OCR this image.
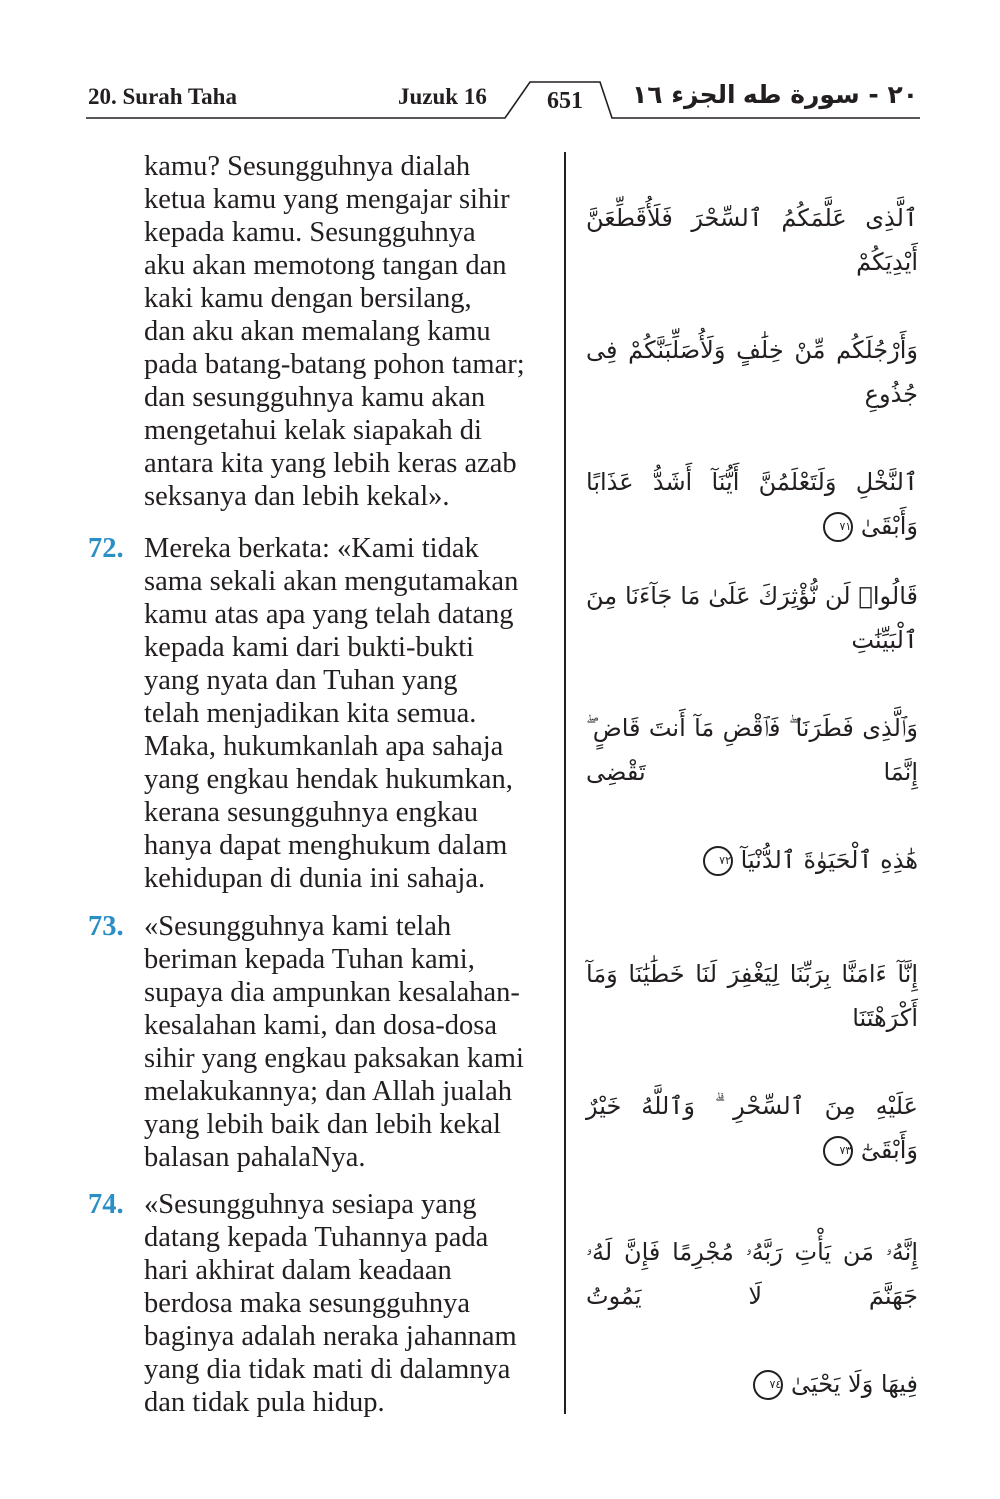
20. Surah Taha	Juzuk 16	651	الجزء ١٦ ٢٠ - سورة طه
kamu? Sesungguhnya dialah
ketua kamu yang mengajar sihir
kepada kamu. Sesungguhnya
aku akan memotong tangan dan
kaki kamu dengan bersilang,
dan aku akan memalang kamu
pada batang-batang pohon tamar;
dan sesungguhnya kamu akan
mengetahui kelak siapakah di
antara kita yang lebih keras azab
seksanya dan lebih kekal».

ٱلَّذِى عَلَّمَكُمُ ٱلسِّحْرَ فَلَأُقَطِّعَنَّ أَيْدِيَكُمْ

وَأَرْجُلَكُم مِّنْ خِلَٰفٍ وَلَأُصَلِّبَنَّكُمْ فِى جُذُوعِ

ٱلنَّخْلِ وَلَتَعْلَمُنَّ أَيُّنَآ أَشَدُّ عَذَابًا وَأَبْقَىٰ ٧١

72. Mereka berkata: «Kami tidak
sama sekali akan mengutamakan
kamu atas apa yang telah datang
kepada kami dari bukti-bukti
yang nyata dan Tuhan yang
telah menjadikan kita semua.
Maka, hukumkanlah apa sahaja
yang engkau hendak hukumkan,
kerana sesungguhnya engkau
hanya dapat menghukum dalam
kehidupan di dunia ini sahaja.

قَالُوا۟ لَن نُّؤْثِرَكَ عَلَىٰ مَا جَآءَنَا مِنَ ٱلْبَيِّنَٰتِ

وَٱلَّذِى فَطَرَنَا ۖ فَٱقْضِ مَآ أَنتَ قَاضٍ ۖ إِنَّمَا تَقْضِى

هَٰذِهِ ٱلْحَيَوٰةَ ٱلدُّنْيَآ ٧٢

73. «Sesungguhnya kami telah
beriman kepada Tuhan kami,
supaya dia ampunkan kesalahan-
kesalahan kami, dan dosa-dosa
sihir yang engkau paksakan kami
melakukannya; dan Allah jualah
yang lebih baik dan lebih kekal
balasan pahalaNya.

إِنَّآ ءَامَنَّا بِرَبِّنَا لِيَغْفِرَ لَنَا خَطَٰيَٰنَا وَمَآ أَكْرَهْتَنَا

عَلَيْهِ مِنَ ٱلسِّحْرِ ۗ وَٱللَّهُ خَيْرٌ وَأَبْقَىٰٓ ٧٣

74. «Sesungguhnya sesiapa yang
datang kepada Tuhannya pada
hari akhirat dalam keadaan
berdosa maka sesungguhnya
baginya adalah neraka jahannam
yang dia tidak mati di dalamnya
dan tidak pula hidup.

إِنَّهُۥ مَن يَأْتِ رَبَّهُۥ مُجْرِمًا فَإِنَّ لَهُۥ جَهَنَّمَ لَا يَمُوتُ

فِيهَا وَلَا يَحْيَىٰ ٧٤
